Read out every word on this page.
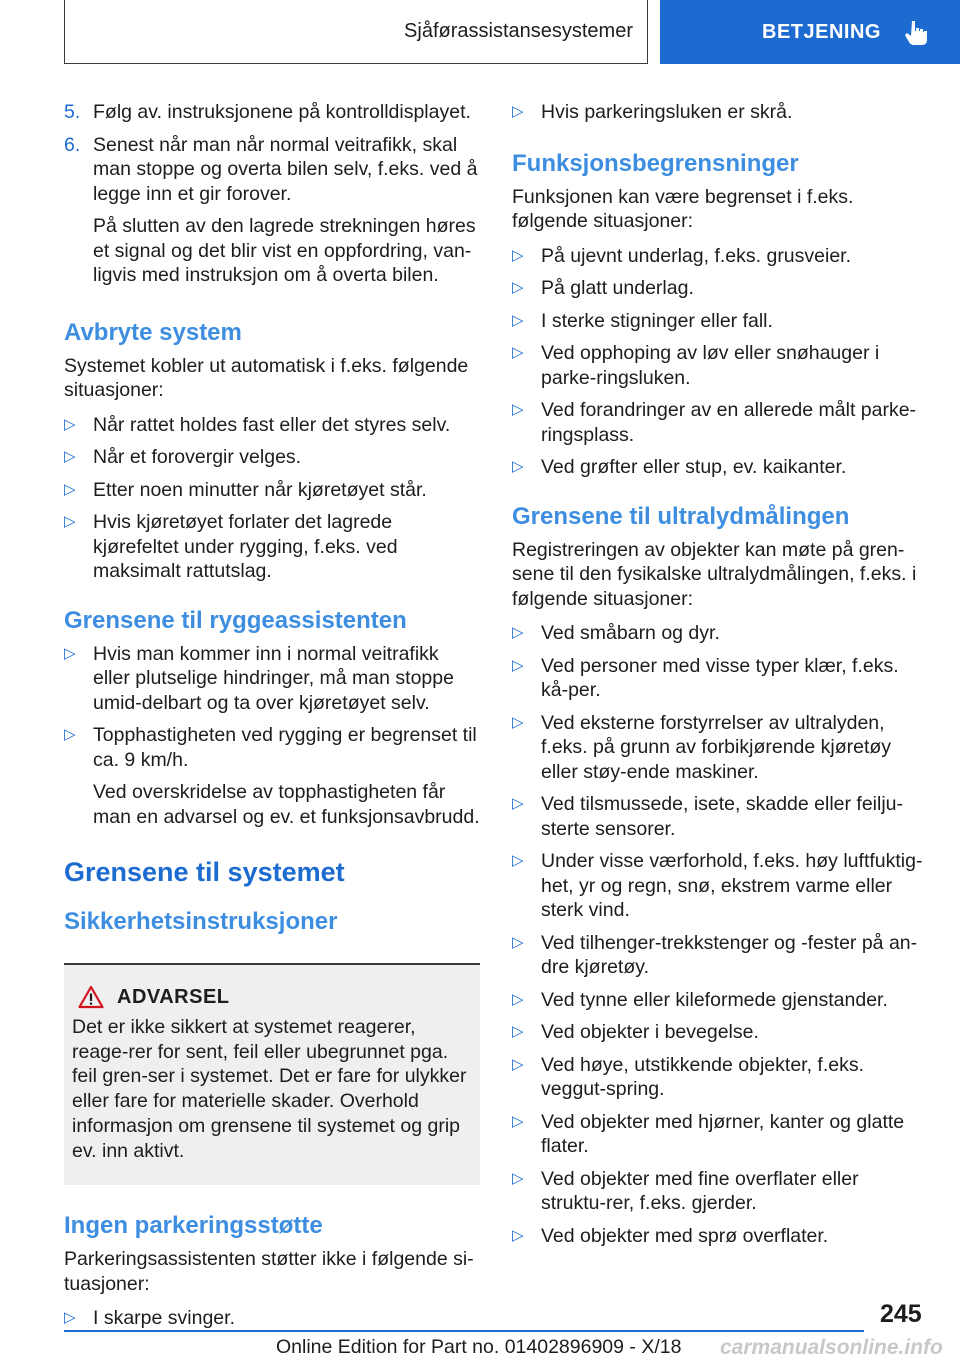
Sjåførassistansesystemer	BETJENING
5. Følg av. instruksjonene på kontrolldisplayet.
6. Senest når man når normal veitrafikk, skal man stoppe og overta bilen selv, f.eks. ved å legge inn et gir forover.

På slutten av den lagrede strekningen høres et signal og det blir vist en oppfordring, van-ligvis med instruksjon om å overta bilen.

Avbryte system

Systemet kobler ut automatisk i f.eks. følgende situasjoner:

▷ Når rattet holdes fast eller det styres selv.
▷ Når et forovergir velges.
▷ Etter noen minutter når kjøretøyet står.
▷ Hvis kjøretøyet forlater det lagrede kjørefeltet under rygging, f.eks. ved maksimalt rattutslag.
Grensene til ryggeassistenten
▷ Hvis man kommer inn i normal veitrafikk eller plutselige hindringer, må man stoppe umid-delbart og ta over kjøretøyet selv.
▷ Topphastigheten ved rygging er begrenset til ca. 9 km/h.

Ved overskridelse av topphastigheten får man en advarsel og ev. et funksjonsavbrudd.

Grensene til systemet
Sikkerhetsinstruksjoner
ADVARSEL

Det er ikke sikkert at systemet reagerer, reage-rer for sent, feil eller ubegrunnet pga. feil gren-ser i systemet. Det er fare for ulykker eller fare for materielle skader. Overhold informasjon om grensene til systemet og grip ev. inn aktivt.

Ingen parkeringsstøtte

Parkeringsassistenten støtter ikke i følgende si-tuasjoner:

▷ I skarpe svinger.
▷ Hvis parkeringsluken er skrå.
Funksjonsbegrensninger

Funksjonen kan være begrenset i f.eks. følgende situasjoner:

▷ På ujevnt underlag, f.eks. grusveier.
▷ På glatt underlag.
▷ I sterke stigninger eller fall.
▷ Ved opphoping av løv eller snøhauger i parke-ringsluken.
▷ Ved forandringer av en allerede målt parke-ringsplass.
▷ Ved grøfter eller stup, ev. kaikanter.
Grensene til ultralydmålingen

Registreringen av objekter kan møte på gren-sene til den fysikalske ultralydmålingen, f.eks. i følgende situasjoner:

▷ Ved småbarn og dyr.
▷ Ved personer med visse typer klær, f.eks. kå-per.
▷ Ved eksterne forstyrrelser av ultralyden, f.eks. på grunn av forbikjørende kjøretøy eller støy-ende maskiner.
▷ Ved tilsmussede, isete, skadde eller feilju-sterte sensorer.
▷ Under visse værforhold, f.eks. høy luftfuktig-het, yr og regn, snø, ekstrem varme eller sterk vind.
▷ Ved tilhenger-trekkstenger og -fester på an-dre kjøretøy.
▷ Ved tynne eller kileformede gjenstander.
▷ Ved objekter i bevegelse.
▷ Ved høye, utstikkende objekter, f.eks. veggut-spring.
▷ Ved objekter med hjørner, kanter og glatte flater.
▷ Ved objekter med fine overflater eller struktu-rer, f.eks. gjerder.
▷ Ved objekter med sprø overflater.
245
Online Edition for Part no. 01402896909 - X/18 carmanualsonline.info
